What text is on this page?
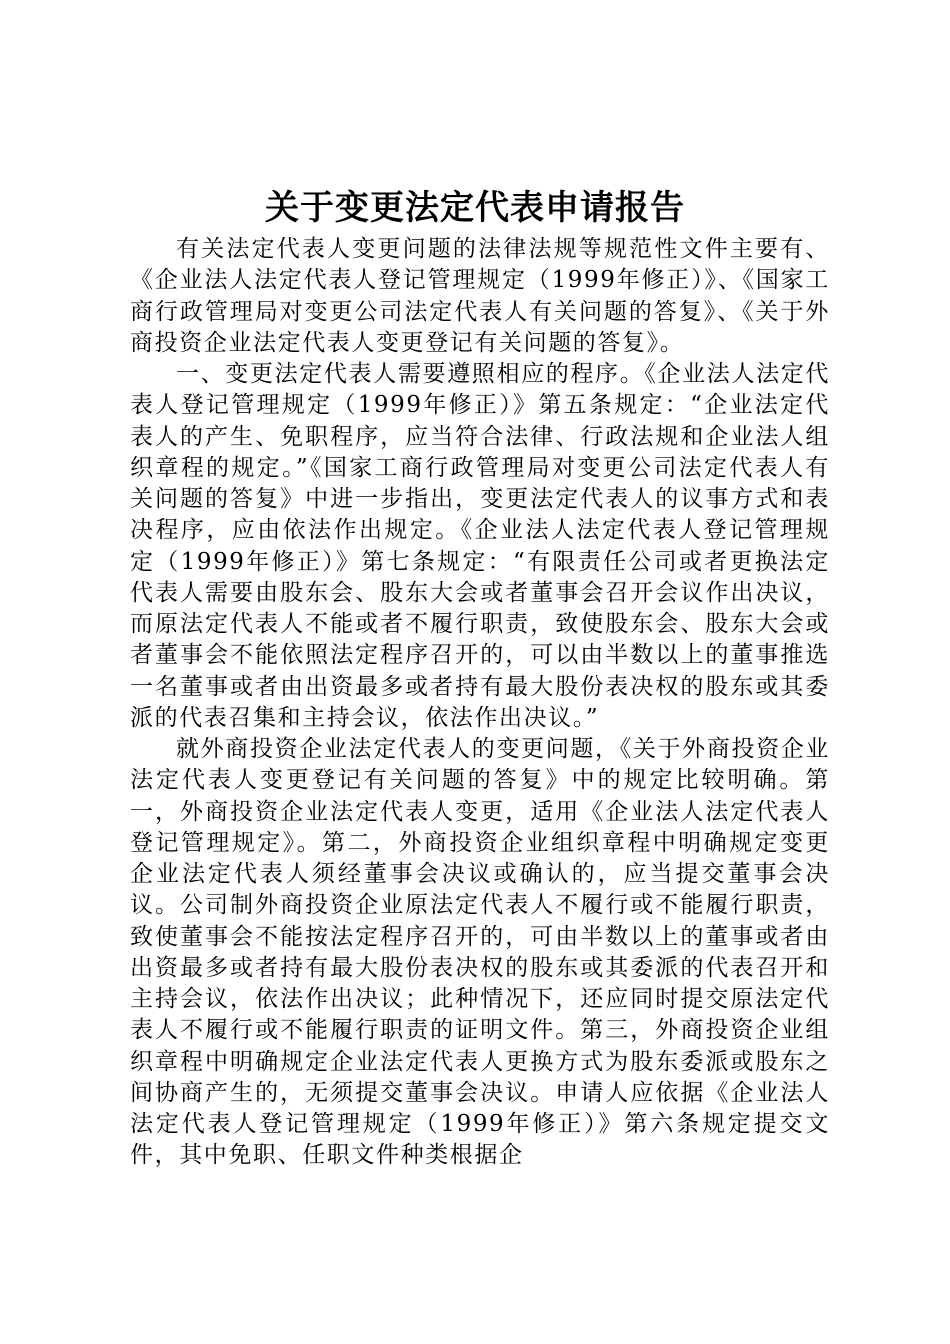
关于变更法定代表申请报告

有关法定代表人变更问题的法律法规等规范性文件主要有、《企业法人法定代表人登记管理规定（1999年修正）》、《国家工商行政管理局对变更公司法定代表人有关问题的答复》、《关于外商投资企业法定代表人变更登记有关问题的答复》。

一、变更法定代表人需要遵照相应的程序。《企业法人法定代表人登记管理规定（1999年修正）》第五条规定：“企业法定代表人的产生、免职程序，应当符合法律、行政法规和企业法人组织章程的规定。”《国家工商行政管理局对变更公司法定代表人有关问题的答复》中进一步指出，变更法定代表人的议事方式和表决程序，应由依法作出规定。《企业法人法定代表人登记管理规定（1999年修正）》第七条规定：“有限责任公司或者更换法定代表人需要由股东会、股东大会或者董事会召开会议作出决议，而原法定代表人不能或者不履行职责，致使股东会、股东大会或者董事会不能依照法定程序召开的，可以由半数以上的董事推选一名董事或者由出资最多或者持有最大股份表决权的股东或其委派的代表召集和主持会议，依法作出决议。”

就外商投资企业法定代表人的变更问题，《关于外商投资企业法定代表人变更登记有关问题的答复》中的规定比较明确。第一，外商投资企业法定代表人变更，适用《企业法人法定代表人登记管理规定》。第二，外商投资企业组织章程中明确规定变更企业法定代表人须经董事会决议或确认的，应当提交董事会决议。公司制外商投资企业原法定代表人不履行或不能履行职责，致使董事会不能按法定程序召开的，可由半数以上的董事或者由出资最多或者持有最大股份表决权的股东或其委派的代表召开和主持会议，依法作出决议；此种情况下，还应同时提交原法定代表人不履行或不能履行职责的证明文件。第三，外商投资企业组织章程中明确规定企业法定代表人更换方式为股东委派或股东之间协商产生的，无须提交董事会决议。申请人应依据《企业法人法定代表人登记管理规定（1999年修正）》第六条规定提交文件，其中免职、任职文件种类根据企
